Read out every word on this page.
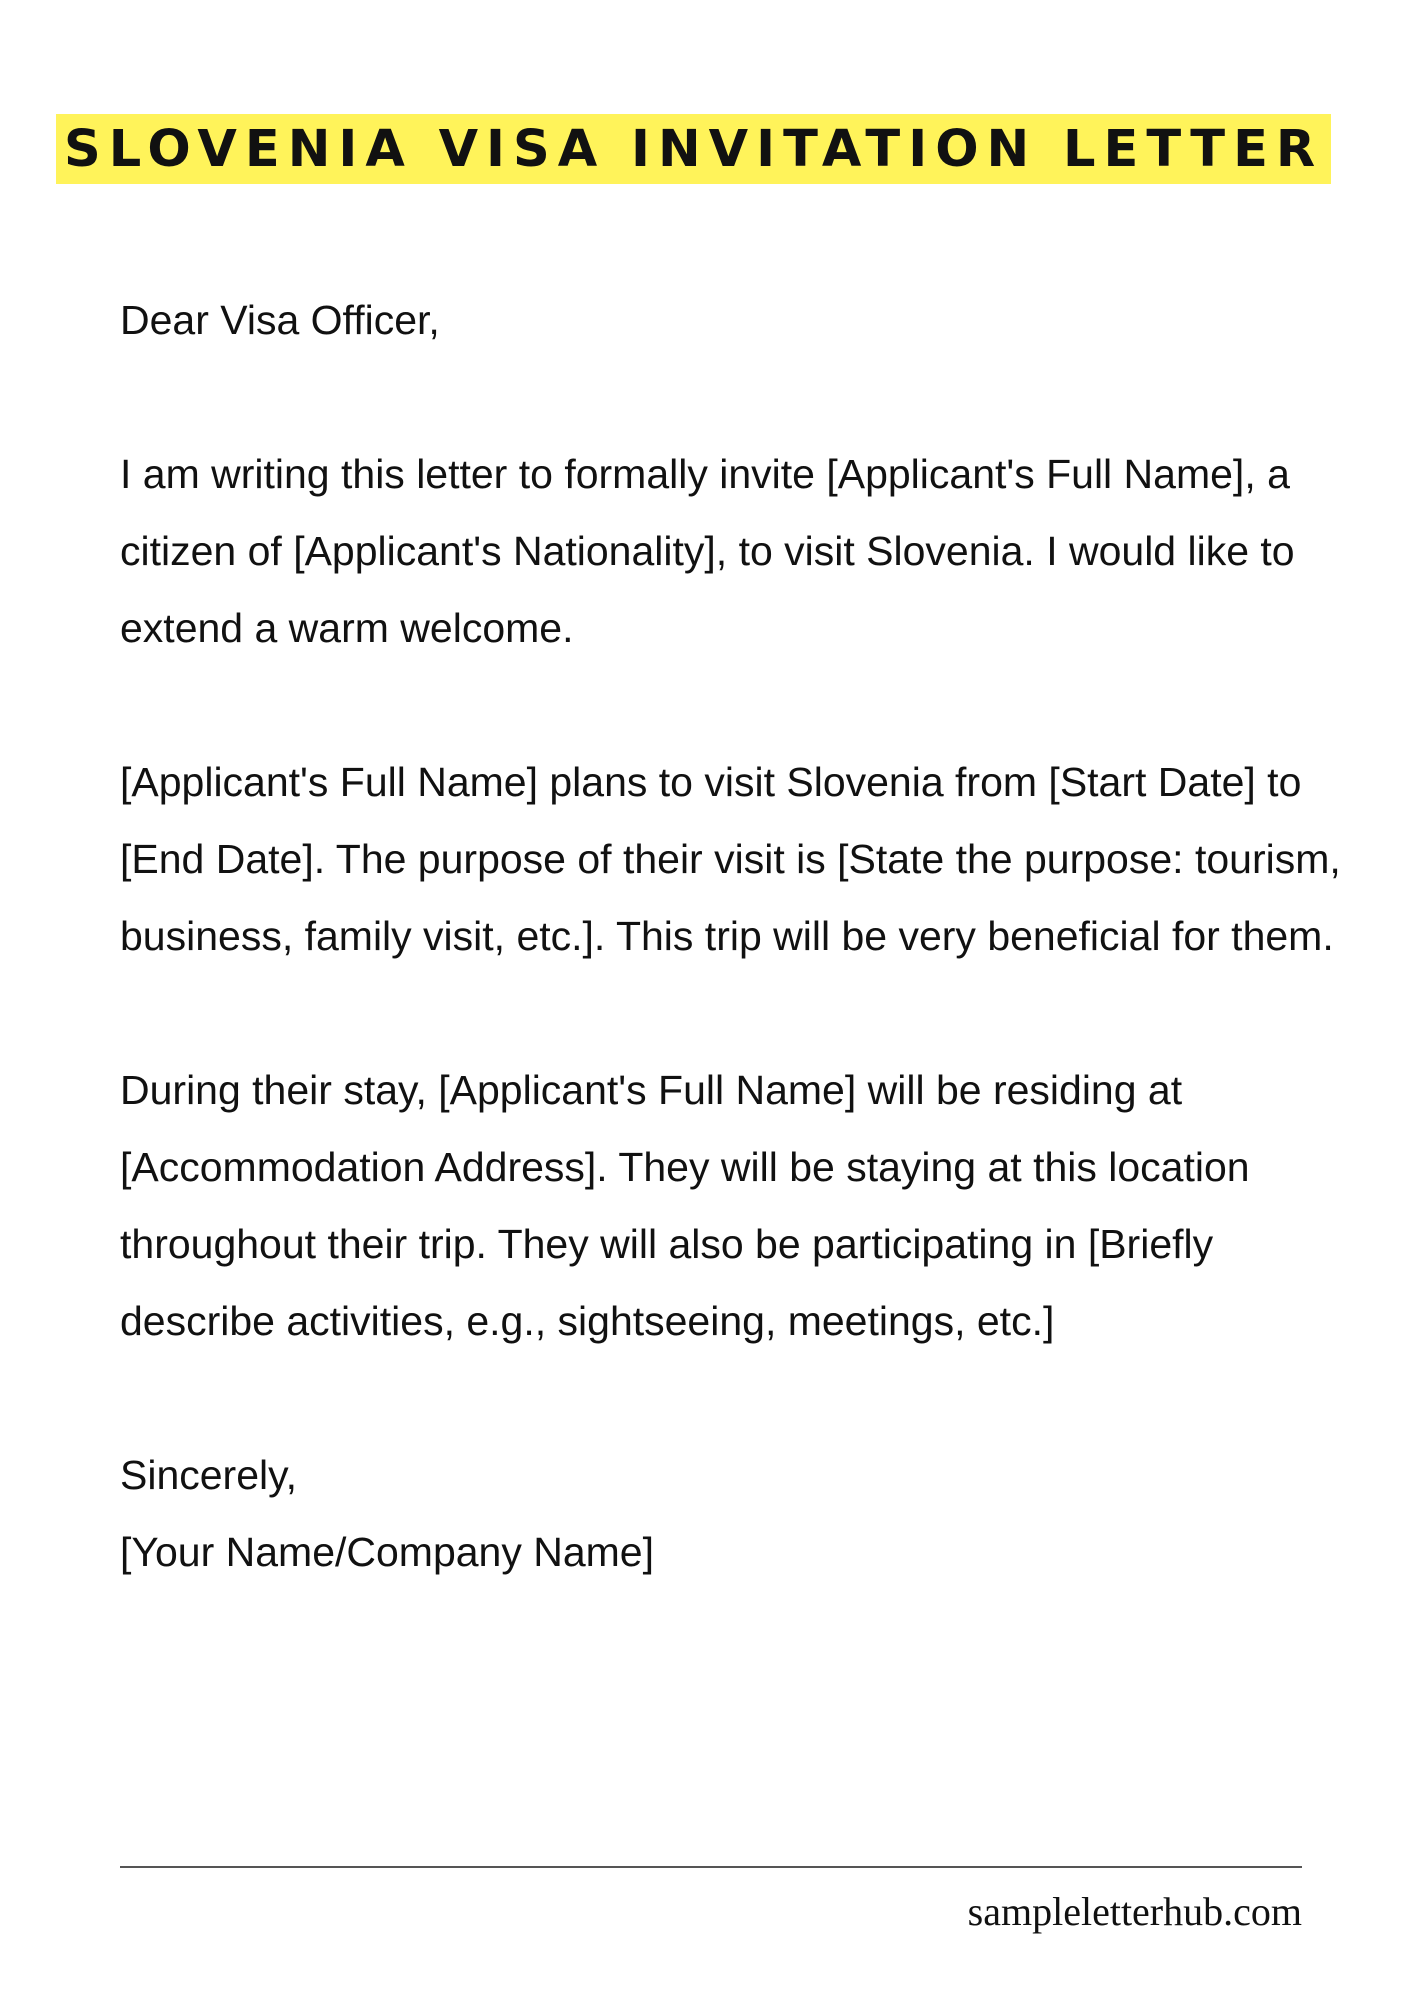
SLOVENIA VISA INVITATION LETTER

Dear Visa Officer,

I am writing this letter to formally invite [Applicant's Full Name], a citizen of [Applicant's Nationality], to visit Slovenia. I would like to extend a warm welcome.

[Applicant's Full Name] plans to visit Slovenia from [Start Date] to [End Date]. The purpose of their visit is [State the purpose: tourism, business, family visit, etc.]. This trip will be very beneficial for them.

During their stay, [Applicant's Full Name] will be residing at [Accommodation Address]. They will be staying at this location throughout their trip. They will also be participating in [Briefly describe activities, e.g., sightseeing, meetings, etc.]

Sincerely,

[Your Name/Company Name]

sampleletterhub.com
